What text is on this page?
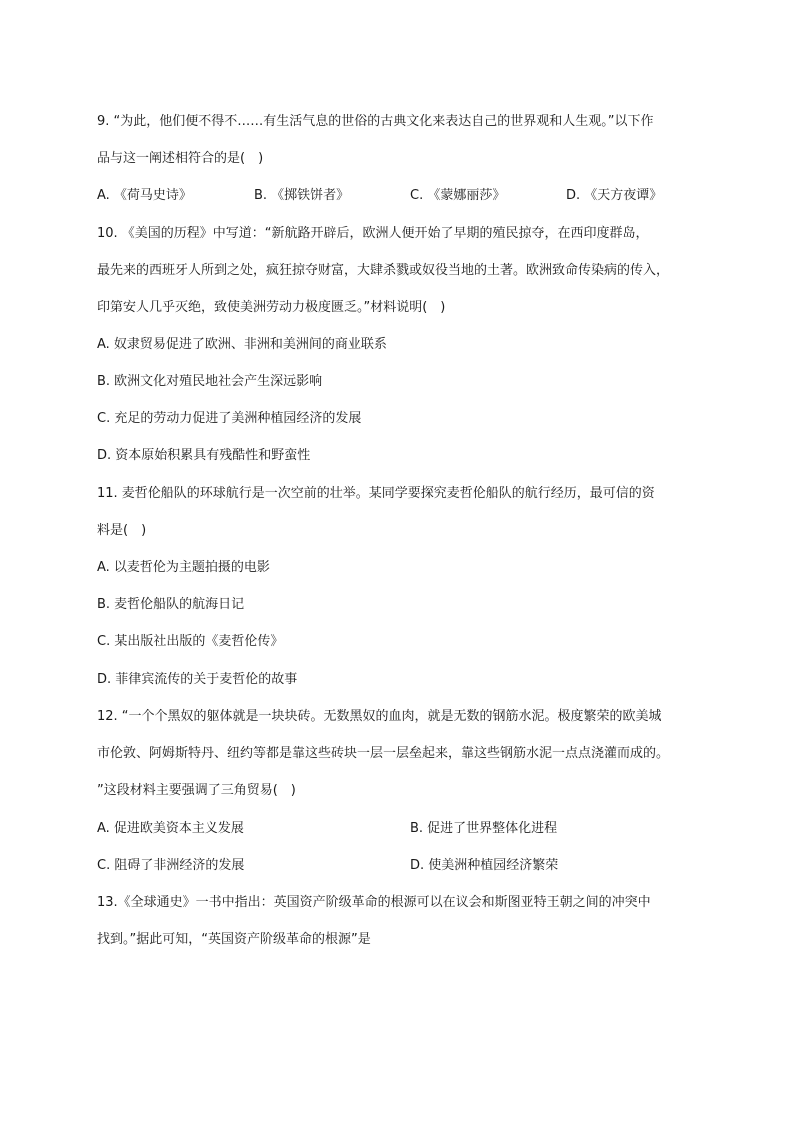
9. “为此，他们便不得不……有生活气息的世俗的古典文化来表达自己的世界观和人生观。”以下作
品与这一阐述相符合的是(　)
A. 《荷马史诗》	B. 《掷铁饼者》	C. 《蒙娜丽莎》	D. 《天方夜谭》
10. 《美国的历程》中写道：“新航路开辟后，欧洲人便开始了早期的殖民掠夺，在西印度群岛，
最先来的西班牙人所到之处，疯狂掠夺财富，大肆杀戮或奴役当地的土著。欧洲致命传染病的传入，
印第安人几乎灭绝，致使美洲劳动力极度匮乏。”材料说明(　)
A. 奴隶贸易促进了欧洲、非洲和美洲间的商业联系
B. 欧洲文化对殖民地社会产生深远影响
C. 充足的劳动力促进了美洲种植园经济的发展
D. 资本原始积累具有残酷性和野蛮性
11. 麦哲伦船队的环球航行是一次空前的壮举。某同学要探究麦哲伦船队的航行经历，最可信的资
料是(　)
A. 以麦哲伦为主题拍摄的电影
B. 麦哲伦船队的航海日记
C. 某出版社出版的《麦哲伦传》
D. 菲律宾流传的关于麦哲伦的故事
12. “一个个黑奴的躯体就是一块块砖。无数黑奴的血肉，就是无数的钢筋水泥。极度繁荣的欧美城
市伦敦、阿姆斯特丹、纽约等都是靠这些砖块一层一层垒起来，靠这些钢筋水泥一点点浇灌而成的。
”这段材料主要强调了三角贸易(　)
A. 促进欧美资本主义发展	B. 促进了世界整体化进程
C. 阻碍了非洲经济的发展	D. 使美洲种植园经济繁荣
13.《全球通史》一书中指出：英国资产阶级革命的根源可以在议会和斯图亚特王朝之间的冲突中
找到。”据此可知，“英国资产阶级革命的根源”是
